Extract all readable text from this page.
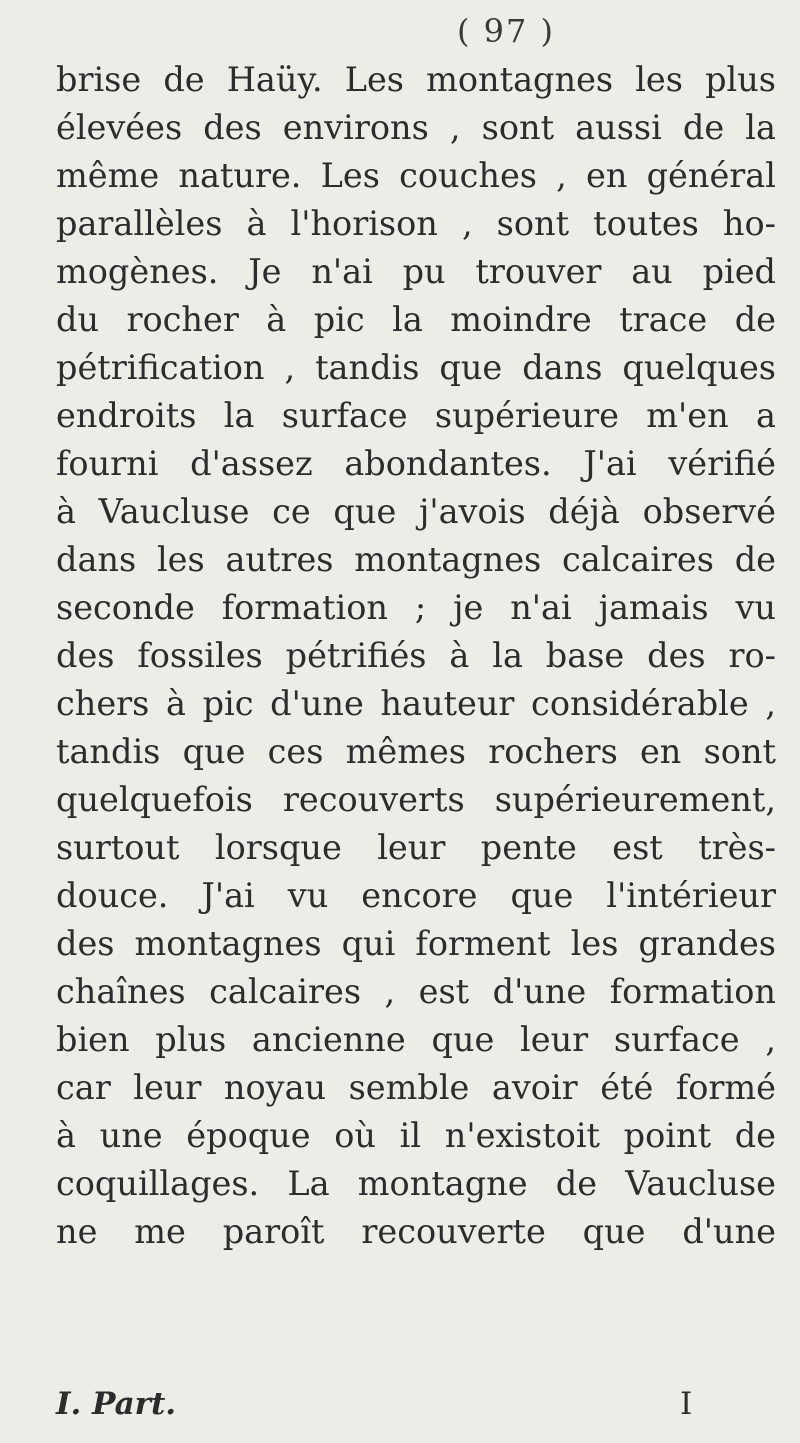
( 97 )
brise de Haüy. Les montagnes les plus
élevées des environs , sont aussi de la
même nature. Les couches , en général
parallèles à l'horison , sont toutes ho-
mogènes. Je n'ai pu trouver au pied
du rocher à pic la moindre trace de
pétrification , tandis que dans quelques
endroits la surface supérieure m'en a
fourni d'assez abondantes. J'ai vérifié
à Vaucluse ce que j'avois déjà observé
dans les autres montagnes calcaires de
seconde formation ; je n'ai jamais vu
des fossiles pétrifiés à la base des ro-
chers à pic d'une hauteur considérable ,
tandis que ces mêmes rochers en sont
quelquefois recouverts supérieurement,
surtout lorsque leur pente est très-
douce. J'ai vu encore que l'intérieur
des montagnes qui forment les grandes
chaînes calcaires , est d'une formation
bien plus ancienne que leur surface ,
car leur noyau semble avoir été formé
à une époque où il n'existoit point de
coquillages. La montagne de Vaucluse
ne me paroît recouverte que d'une
I. Part.	I
